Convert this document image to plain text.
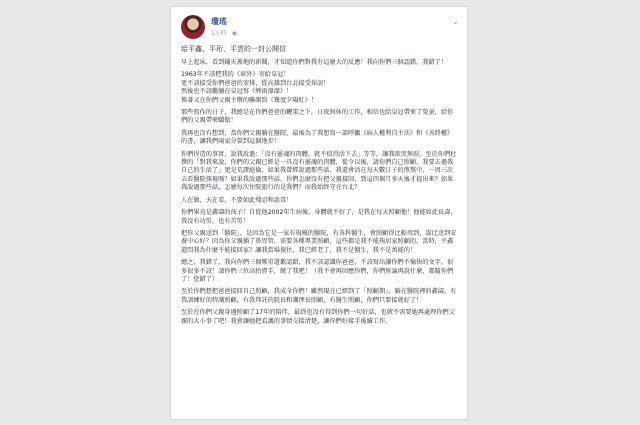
瓊瑤
1小時 ◉
⌄
給平鑫、平珩、平雲的一封公開信

早上起床，看到鋪天蓋地的新聞，才知道你們對我有這麼大的反應！我向你們三個認錯，我錯了！

1963年不該把我的《窗外》寄給皇冠！
更不該接受你們爸爸的安排，從高雄到台北接受採訪！
然後也不該繼續在皇冠寫《煙雨濛濛》！
換著又在你們父親主辦的聯副寫《幾度夕陽紅》！

那些寫作的日子，我總是在你們爸爸的鞭策之下，日夜無休的工作，相信也給皇冠帶來了榮景，給你們的父親帶來驕傲！

我再也沒有想到，當你們父親躺在醫院，最後為了我想寫一部呼籲《病人權利自主法》和《善終權》的書，讓我們兩家分裂到這個地步！

你們捏造的事實，說我說過：「沒有靈魂的肉體，就不值得活下去」等等，讓我欲哭無淚。至於你們杜撰的「對我來說，你們的父親已經是一具沒有靈魂的肉體，從今以後，請你們自己照顧，我要去過我自己的生活了」更是荒謬絕倫，如果我曾經說過那些話，我還會活在每天數日子的煎熬中，一周三次去看醫院探視嗎？如果我說過那些話，你們怎麼沒有把父親接回，到這四個月多天後才提出來？如果我說過那些話，怎麼每次住院旅行的是我們？而我始終守在台北？

人在做，天在看，不要如此殘忍和惡毒！

你們畢竟是鑫濤的孩子！自從他2002年生病後，身體就不好了，是我在每天照顧他！他能如此長壽，我沒有功勞，也有苦勞！

把你父親送到「醫院」，是因為它是一家有規模的醫院，有各科醫生，會照顧得比較周到，謀比送到安養中心好？因為你父親插了鼻胃管，需要各種專業照顧，這些都是我不能夠居家照顧的。當時，平鑫還問我為什麼不能接回家？讓我當場傻住，我已經老了，我不是醫生，我不是萬能的！

總之，我錯了，我向你們三個鄭重道歉認錯，我不該認識你爸爸，不該寫出讓你們不愉快的文字，很多很多不該！請你們三位高抬貴手，饒了我吧！（我不會再回應你們，你們無論再說什麼，都隨你們了！您錯了）

至於你們想把爸爸接回自己照顧，我成全你們！雖然現在已經到了「照顧期」，躺在醫院裡的鑫濤，有我訓練好的特護照顧，有我拜託的院長和護理長照顧，有醫生照顧，你們只要接就好了！

至於在你們父親身邊照顧了17年的陪伴，最終也沒有得到你們一句好話，也就不需要她再處理你們父親的大小事了吧！我會讓她把看護的事情交接清楚，讓你們好接手後續工作。
